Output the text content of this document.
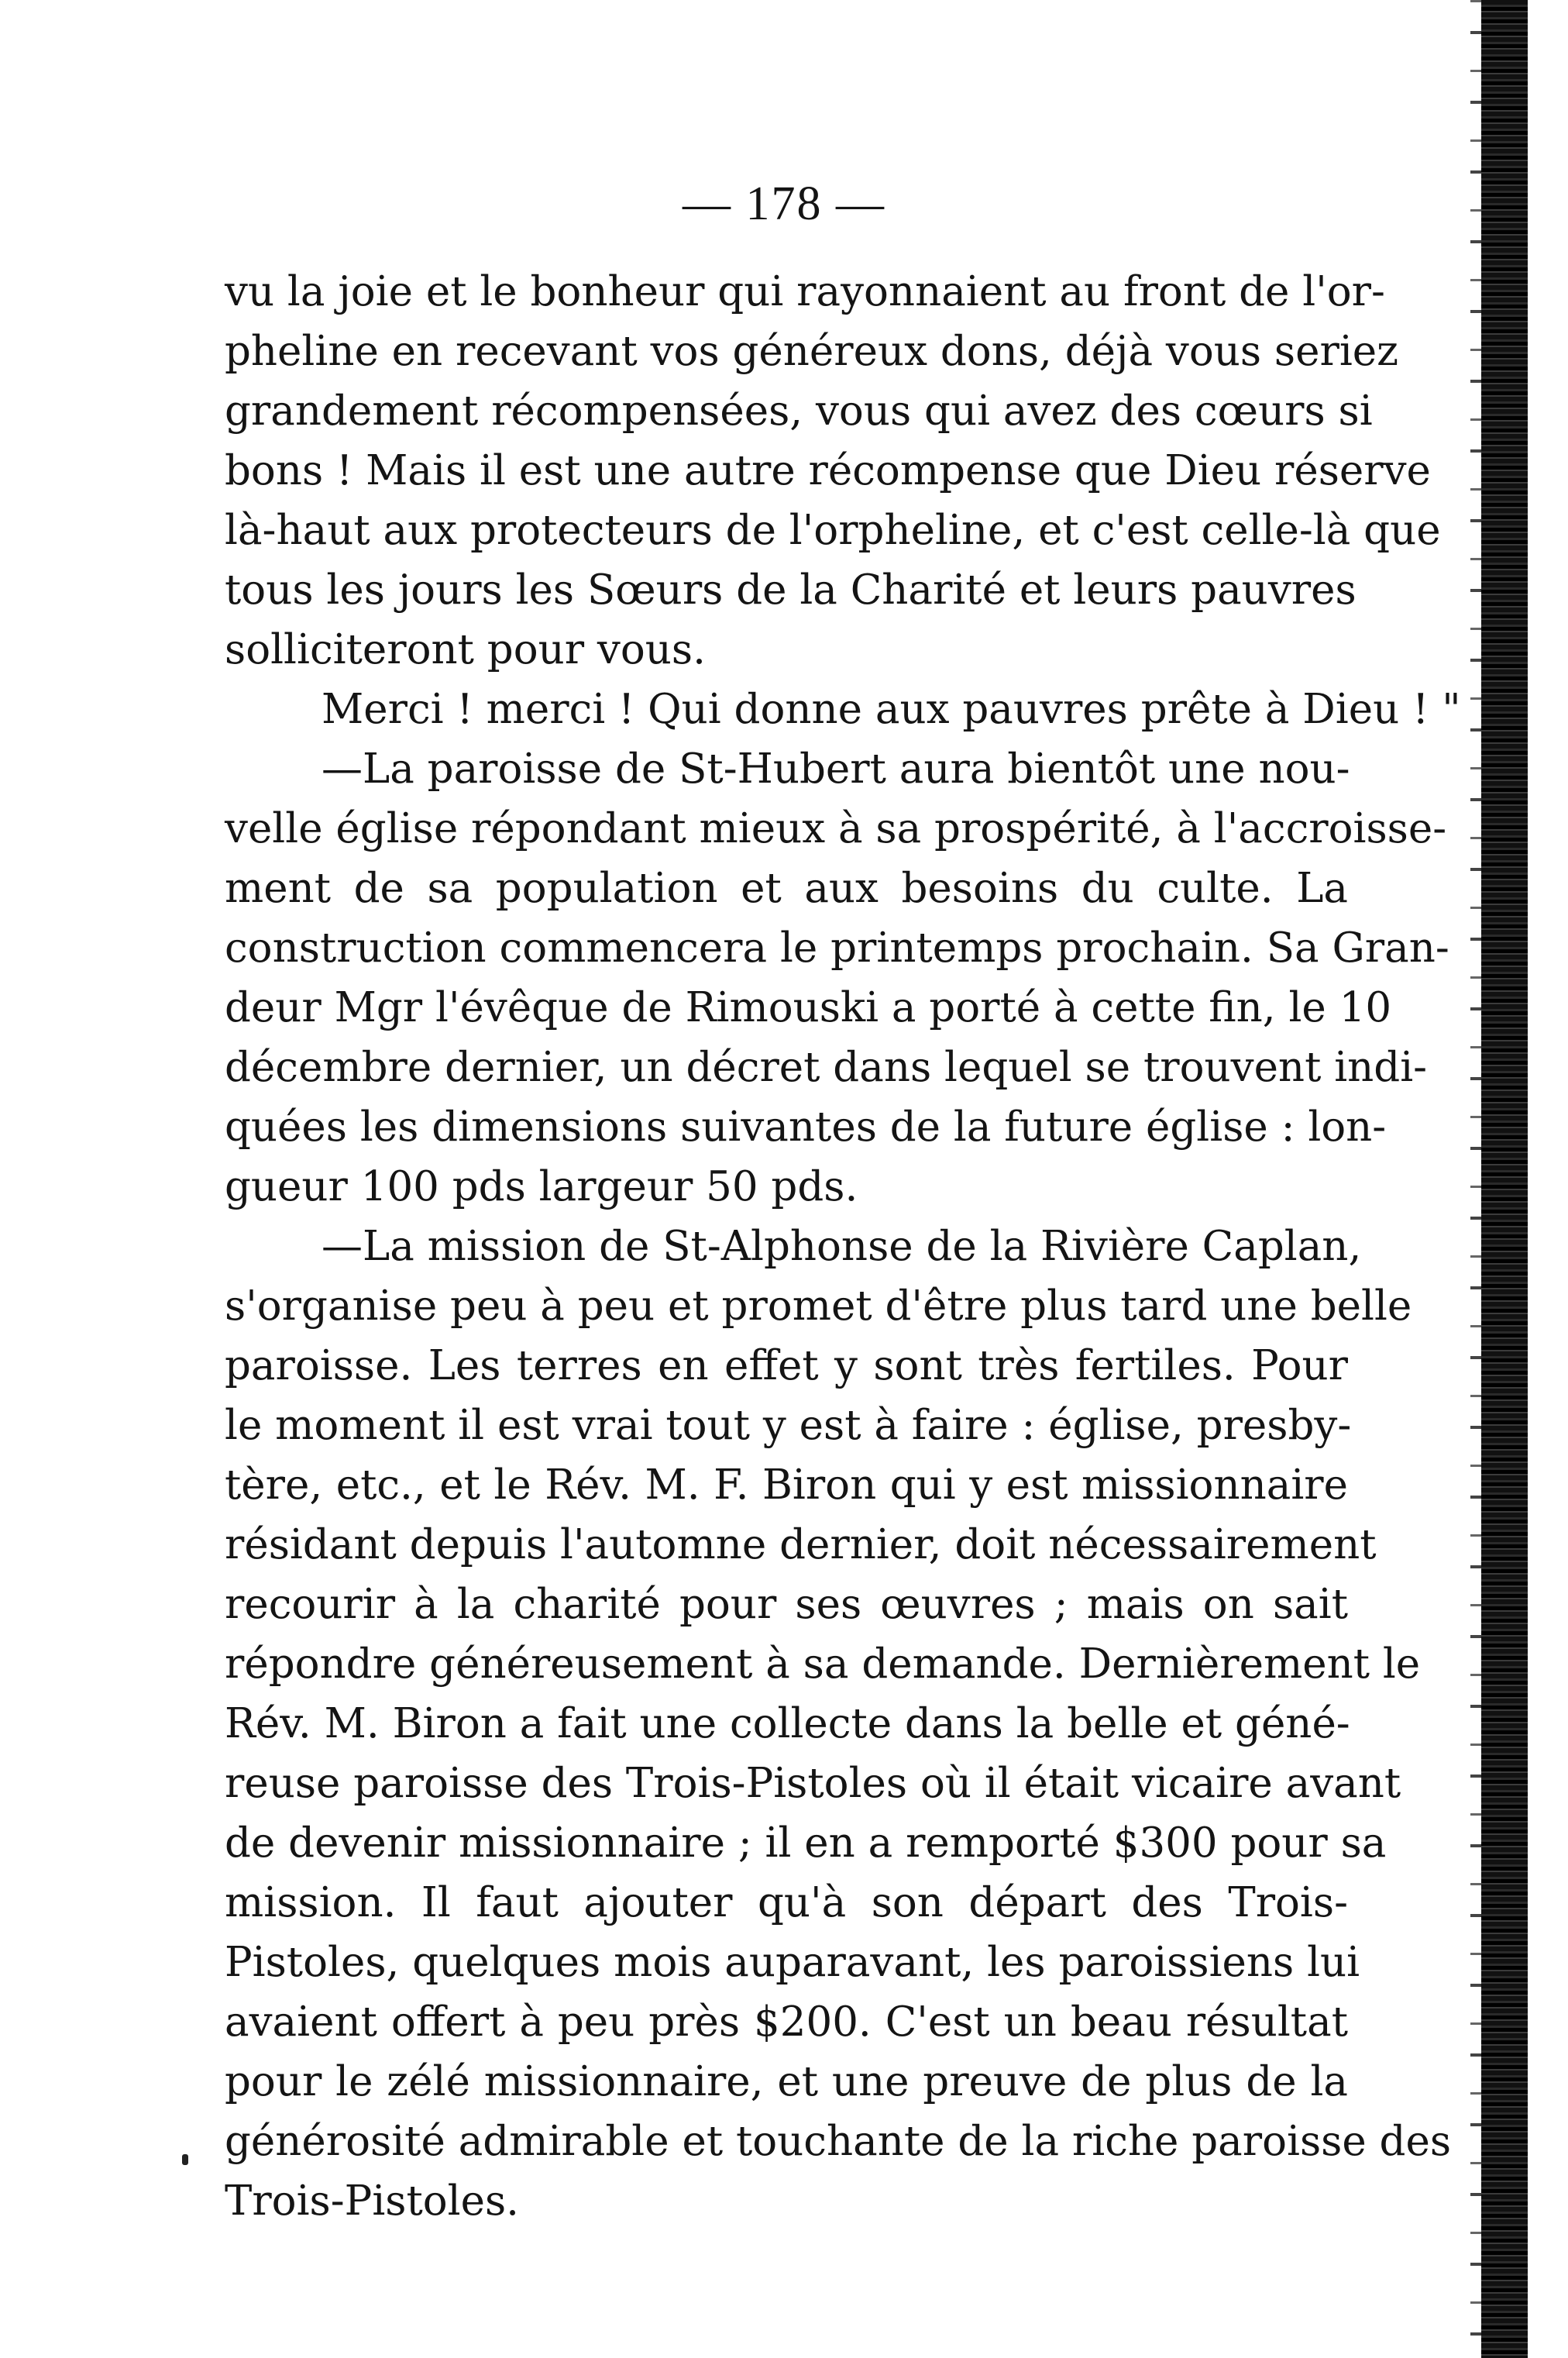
— 178 —
vu la joie et le bonheur qui rayonnaient au front de l'or-
pheline en recevant vos généreux dons, déjà vous seriez
grandement récompensées, vous qui avez des cœurs si
bons ! Mais il est une autre récompense que Dieu réserve
là-haut aux protecteurs de l'orpheline, et c'est celle-là que
tous les jours les Sœurs de la Charité et leurs pauvres
solliciteront pour vous.
Merci ! merci ! Qui donne aux pauvres prête à Dieu ! "
—La paroisse de St-Hubert aura bientôt une nou-
velle église répondant mieux à sa prospérité, à l'accroisse-
ment de sa population et aux besoins du culte. La
construction commencera le printemps prochain. Sa Gran-
deur Mgr l'évêque de Rimouski a porté à cette fin, le 10
décembre dernier, un décret dans lequel se trouvent indi-
quées les dimensions suivantes de la future église : lon-
gueur 100 pds largeur 50 pds.
—La mission de St-Alphonse de la Rivière Caplan,
s'organise peu à peu et promet d'être plus tard une belle
paroisse. Les terres en effet y sont très fertiles. Pour
le moment il est vrai tout y est à faire : église, presby-
tère, etc., et le Rév. M. F. Biron qui y est missionnaire
résidant depuis l'automne dernier, doit nécessairement
recourir à la charité pour ses œuvres ; mais on sait
répondre généreusement à sa demande. Dernièrement le
Rév. M. Biron a fait une collecte dans la belle et géné-
reuse paroisse des Trois-Pistoles où il était vicaire avant
de devenir missionnaire ; il en a remporté $300 pour sa
mission. Il faut ajouter qu'à son départ des Trois-
Pistoles, quelques mois auparavant, les paroissiens lui
avaient offert à peu près $200. C'est un beau résultat
pour le zélé missionnaire, et une preuve de plus de la
générosité admirable et touchante de la riche paroisse des
Trois-Pistoles.
